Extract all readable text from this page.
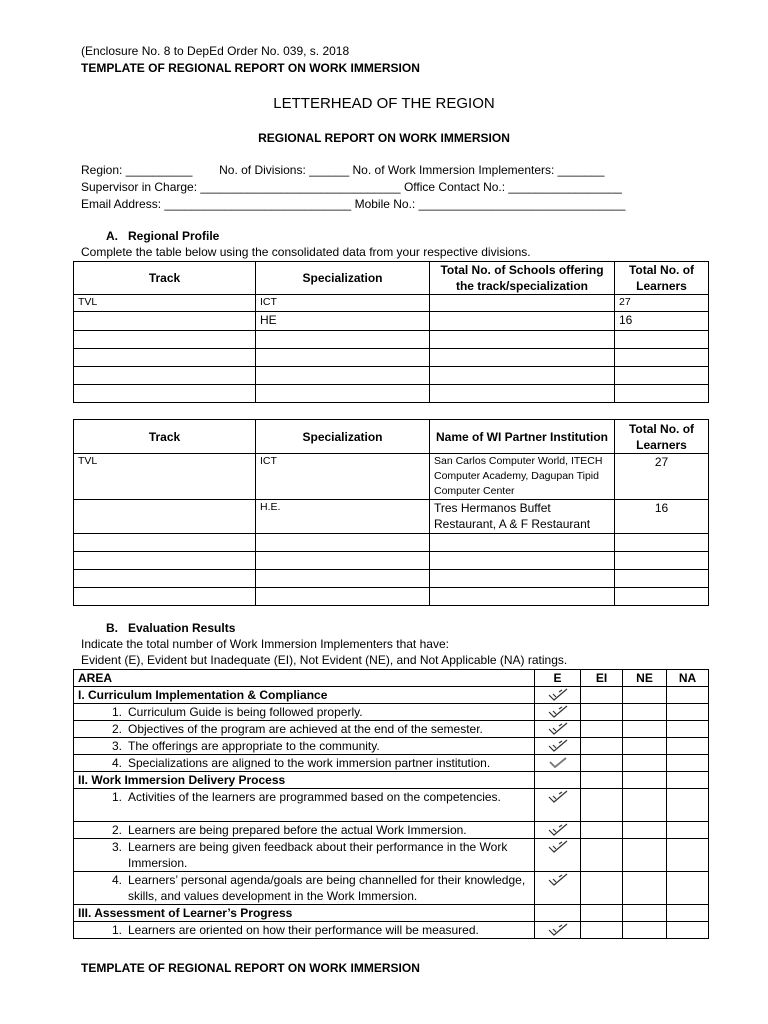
(Enclosure No. 8 to DepEd Order No. 039, s. 2018
TEMPLATE OF REGIONAL REPORT ON WORK IMMERSION
LETTERHEAD OF THE REGION
REGIONAL REPORT ON WORK IMMERSION
Region: __________        No. of Divisions: ______ No. of Work Immersion Implementers: _______
Supervisor in Charge: ______________________________ Office Contact No.: _________________
Email Address: ____________________________ Mobile No.: _______________________________
A.   Regional Profile
Complete the table below using the consolidated data from your respective divisions.
Track	Specialization	Total No. of Schools offering the track/specialization	Total No. of Learners
TVL	ICT		27
	HE		16

Track	Specialization	Name of WI Partner Institution	Total No. of Learners
TVL	ICT	San Carlos Computer World, ITECH Computer Academy, Dagupan Tipid Computer Center	27
	H.E.	Tres Hermanos Buffet Restaurant, A & F Restaurant	16

B.   Evaluation Results
Indicate the total number of Work Immersion Implementers that have:
Evident (E), Evident but Inadequate (EI), Not Evident (NE), and Not Applicable (NA) ratings.
AREA	E	EI	NE	NA
I. Curriculum Implementation & Compliance	

1. Curriculum Guide is being followed properly.

2. Objectives of the program are achieved at the end of the semester.

3. The offerings are appropriate to the community.

4. Specializations are aligned to the work immersion partner institution.

II. Work Immersion Delivery Process				

1. Activities of the learners are programmed based on the competencies.

2. Learners are being prepared before the actual Work Immersion.

3. Learners are being given feedback about their performance in the Work Immersion.

4. Learners’ personal agenda/goals are being channelled for their knowledge, skills, and values development in the Work Immersion.

III. Assessment of Learner’s Progress				

1. Learners are oriented on how their performance will be measured.

TEMPLATE OF REGIONAL REPORT ON WORK IMMERSION
